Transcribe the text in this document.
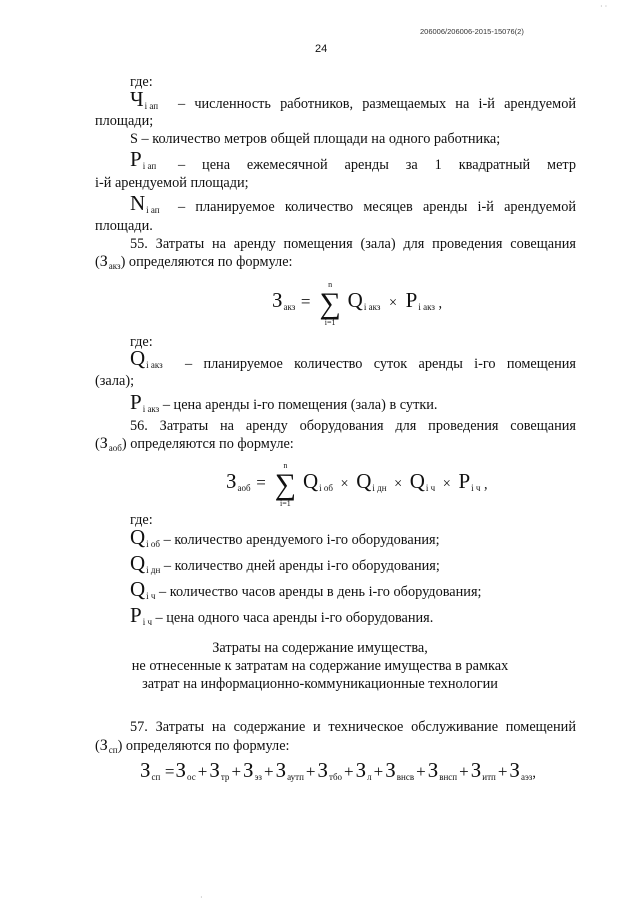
206006/206006-2015-15076(2)
24
· ·
где:
$Ч_{i ап}$ – численность работников, размещаемых на i-й арендуемой
площади;
S – количество метров общей площади на одного работника;
$Р_{i ап}$ – цена ежемесячной аренды за 1 квадратный метр
i-й арендуемой площади;
$N_{i ап}$ – планируемое количество месяцев аренды i-й арендуемой
площади.
55. Затраты на аренду помещения (зала) для проведения совещания
$(З_{акз})$ определяются по формуле:
$З_{акз}$ =
n
∑
i=1
$Q_{i акз} \times P_{i акз}$ ,
где:
$Q_{i акз}$ – планируемое количество суток аренды i-го помещения
(зала);
$P_{i акз}$ – цена аренды i-го помещения (зала) в сутки.
56. Затраты на аренду оборудования для проведения совещания
$(З_{аоб})$ определяются по формуле:
$З_{аоб}$ =
n
∑
i=1
$Q_{i об} \times Q_{i дн} \times Q_{i ч} \times P_{i ч}$ ,
где:
$Q_{i об}$ – количество арендуемого i-го оборудования;
$Q_{i дн}$ – количество дней аренды i-го оборудования;
$Q_{i ч}$ – количество часов аренды в день i-го оборудования;
$P_{i ч}$ – цена одного часа аренды i-го оборудования.
Затраты на содержание имущества,
не отнесенные к затратам на содержание имущества в рамках
затрат на информационно-коммуникационные технологии
57. Затраты на содержание и техническое обслуживание помещений
$(З_{сп})$ определяются по формуле:
$З_{сп} =З_{ос} +З_{тр} +З_{эз} +З_{аутп} +З_{тбо} +З_л +З_{внсв} +З_{внсп} +З_{итп} +З_{аэз}$,
·
